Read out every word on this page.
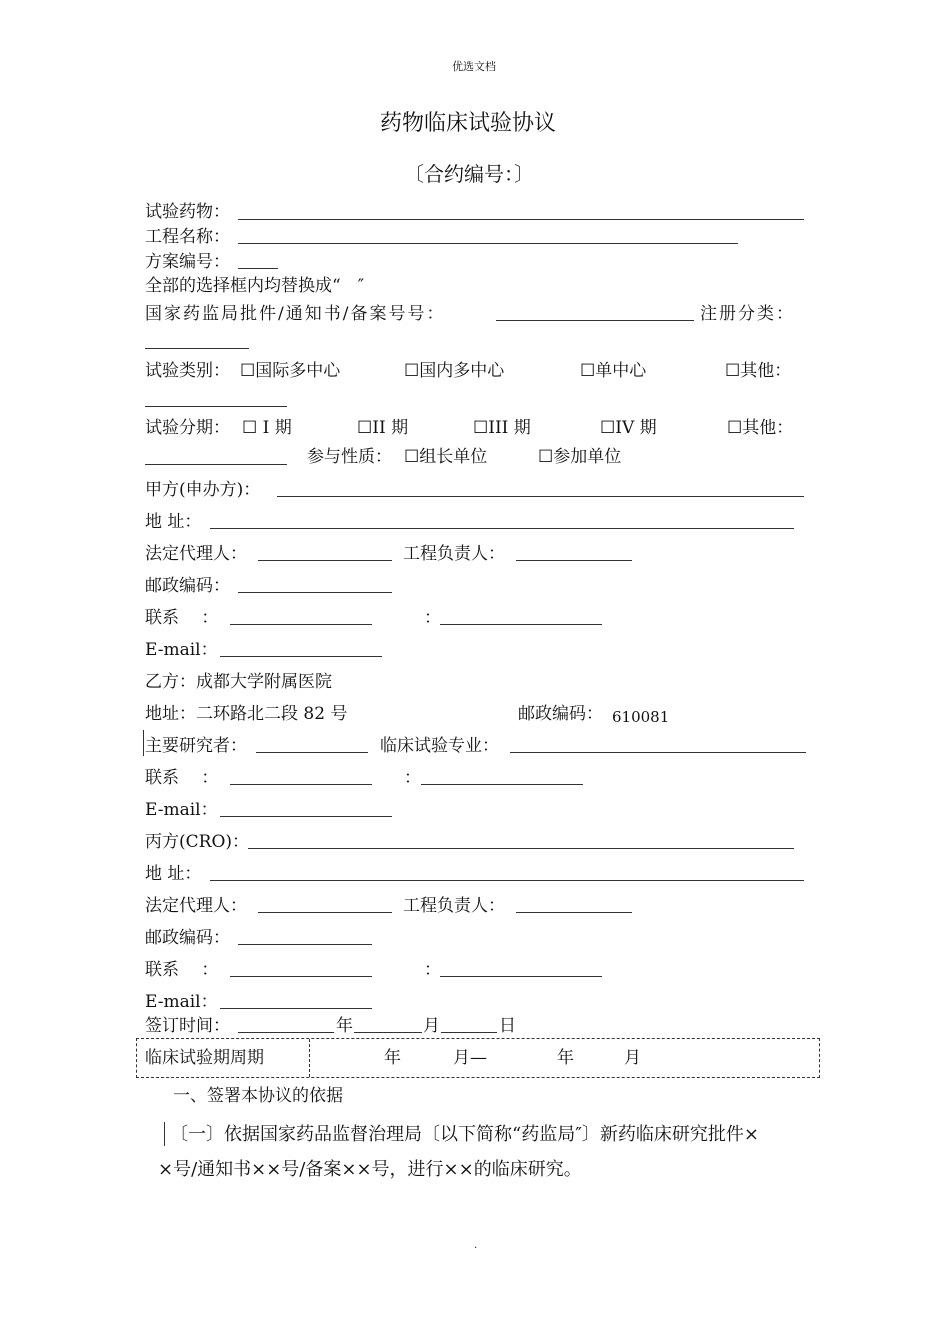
优选文档
药物临床试验协议
〔合约编号：〕
试验药物：
工程名称：
方案编号：
全部的选择框内均替换成“　″
国家药监局批件/通知书/备案号号：	注册分类：
试验类别： ☐国际多中心	☐国内多中心	☐单中心	☐其他：
试验分期： ☐ Ⅰ 期	☐II 期	☐III 期	☐IV 期	☐其他：
参与性质： ☐组长单位	☐参加单位
甲方(申办方)：
地 址：
法定代理人：	工程负责人：
邮政编码：
联系　 ：	：
E-mail：
乙方：成都大学附属医院
地址：二环路北二段 82 号	邮政编码： 610081
主要研究者：	临床试验专业：
联系　 ：	：
E-mail：
丙方(CRO)：
地 址：
法定代理人：	工程负责人：
邮政编码：
联系　 ：	：
E-mail：
签订时间：	年	月	日
临床试验期周期	年	月—	年	月
一、签署本协议的依据
〔一〕依据国家药品监督治理局〔以下简称“药监局″〕新药临床研究批件×
×号/通知书××号/备案××号，进行××的临床研究。
.
